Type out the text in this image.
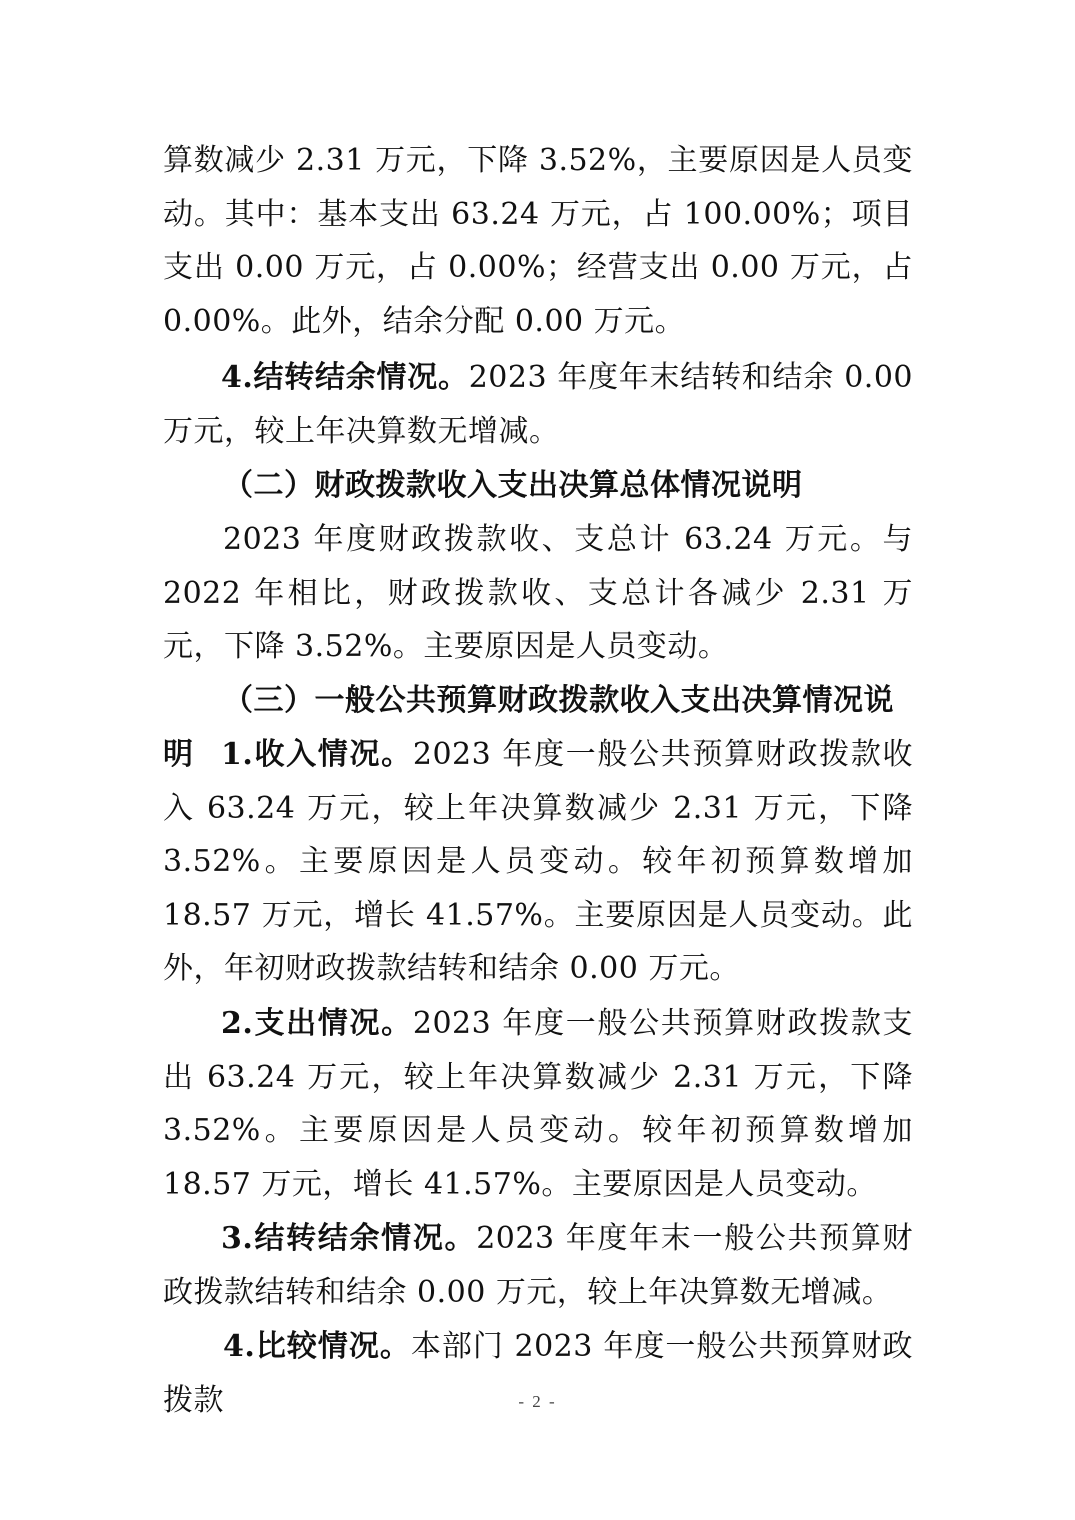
算数减少 2.31 万元，下降 3.52%，主要原因是人员变动。其中：基本支出 63.24 万元，占 100.00%；项目支出 0.00 万元，占 0.00%；经营支出 0.00 万元，占 0.00%。此外，结余分配 0.00 万元。
4.结转结余情况。2023 年度年末结转和结余 0.00 万元，较上年决算数无增减。
（二）财政拨款收入支出决算总体情况说明
2023 年度财政拨款收、支总计 63.24 万元。与 2022 年相比，财政拨款收、支总计各减少 2.31 万元，下降 3.52%。主要原因是人员变动。
（三）一般公共预算财政拨款收入支出决算情况说明 1.收入情况。2023 年度一般公共预算财政拨款收入 63.24 万元，较上年决算数减少 2.31 万元，下降 3.52%。主要原因是人员变动。较年初预算数增加 18.57 万元，增长 41.57%。主要原因是人员变动。此外，年初财政拨款结转和结余 0.00 万元。
2.支出情况。2023 年度一般公共预算财政拨款支出 63.24 万元，较上年决算数减少 2.31 万元，下降 3.52%。主要原因是人员变动。较年初预算数增加 18.57 万元，增长 41.57%。主要原因是人员变动。
3.结转结余情况。2023 年度年末一般公共预算财政拨款结转和结余 0.00 万元，较上年决算数无增减。
4.比较情况。本部门 2023 年度一般公共预算财政拨款	- 2 -
